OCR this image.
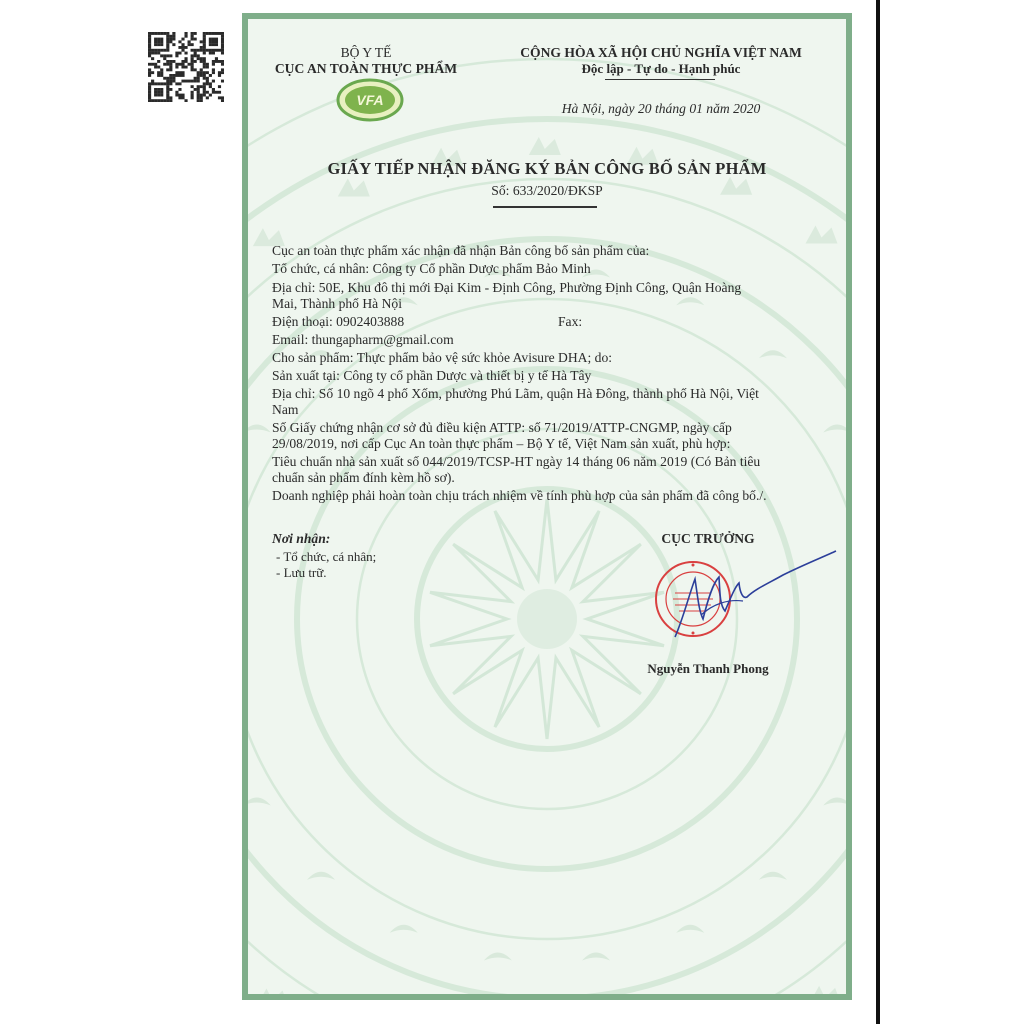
BỘ Y TẾ
CỤC AN TOÀN THỰC PHẨM
VFA
CỘNG HÒA XÃ HỘI CHỦ NGHĨA VIỆT NAM
Độc lập - Tự do - Hạnh phúc
Hà Nội, ngày 20 tháng 01 năm 2020
GIẤY TIẾP NHẬN ĐĂNG KÝ BẢN CÔNG BỐ SẢN PHẨM
Số: 633/2020/ĐKSP
Cục an toàn thực phẩm xác nhận đã nhận Bản công bố sản phẩm của:
Tổ chức, cá nhân: Công ty Cổ phần Dược phẩm Bảo Minh
Địa chỉ: 50E, Khu đô thị mới Đại Kim - Định Công, Phường Định Công, Quận Hoàng
Mai, Thành phố Hà Nội
Điện thoại: 0902403888	Fax:
Email: thungapharm@gmail.com
Cho sản phẩm: Thực phẩm bảo vệ sức khỏe Avisure DHA; do:
Sản xuất tại: Công ty cổ phần Dược và thiết bị y tế Hà Tây
Địa chỉ: Số 10 ngõ 4 phố Xốm, phường Phú Lãm, quận Hà Đông, thành phố Hà Nội, Việt
Nam
Số Giấy chứng nhận cơ sở đủ điều kiện ATTP: số 71/2019/ATTP-CNGMP, ngày cấp
29/08/2019, nơi cấp Cục An toàn thực phẩm – Bộ Y tế, Việt Nam sản xuất, phù hợp:
Tiêu chuẩn nhà sản xuất số 044/2019/TCSP-HT ngày 14 tháng 06 năm 2019 (Có Bản tiêu
chuẩn sản phẩm đính kèm hồ sơ).
Doanh nghiệp phải hoàn toàn chịu trách nhiệm về tính phù hợp của sản phẩm đã công bố./.
Nơi nhận:
- Tổ chức, cá nhân;
- Lưu trữ.
CỤC TRƯỞNG
Nguyễn Thanh Phong
